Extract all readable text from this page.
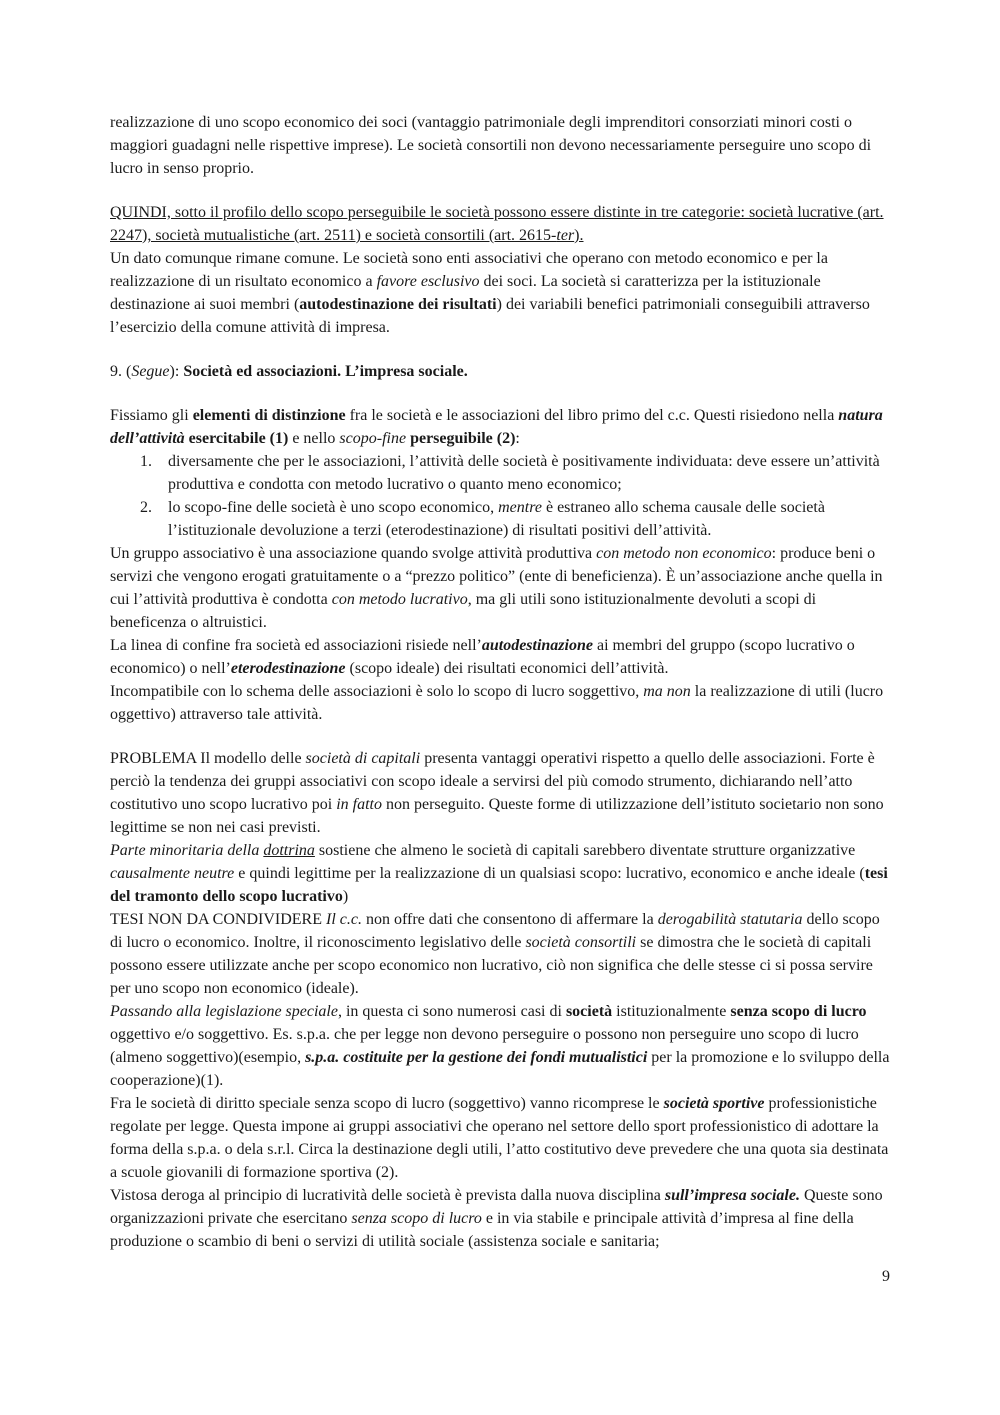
realizzazione di uno scopo economico dei soci (vantaggio patrimoniale degli imprenditori consorziati minori costi o maggiori guadagni nelle rispettive imprese). Le società consortili non devono necessariamente perseguire uno scopo di lucro in senso proprio.

QUINDI, sotto il profilo dello scopo perseguibile le società possono essere distinte in tre categorie: società lucrative (art. 2247), società mutualistiche (art. 2511) e società consortili (art. 2615-ter).

Un dato comunque rimane comune. Le società sono enti associativi che operano con metodo economico e per la realizzazione di un risultato economico a favore esclusivo dei soci. La società si caratterizza per la istituzionale destinazione ai suoi membri (autodestinazione dei risultati) dei variabili benefici patrimoniali conseguibili attraverso l’esercizio della comune attività di impresa.

9. (Segue): Società ed associazioni. L’impresa sociale.

Fissiamo gli elementi di distinzione fra le società e le associazioni del libro primo del c.c. Questi risiedono nella natura dell’attività esercitabile (1) e nello scopo-fine perseguibile (2):

1. diversamente che per le associazioni, l’attività delle società è positivamente individuata: deve essere un’attività produttiva e condotta con metodo lucrativo o quanto meno economico;
2. lo scopo-fine delle società è uno scopo economico, mentre è estraneo allo schema causale delle società l’istituzionale devoluzione a terzi (eterodestinazione) di risultati positivi dell’attività.

Un gruppo associativo è una associazione quando svolge attività produttiva con metodo non economico: produce beni o servizi che vengono erogati gratuitamente o a “prezzo politico” (ente di beneficienza). È un’associazione anche quella in cui l’attività produttiva è condotta con metodo lucrativo, ma gli utili sono istituzionalmente devoluti a scopi di beneficenza o altruistici.

La linea di confine fra società ed associazioni risiede nell’autodestinazione ai membri del gruppo (scopo lucrativo o economico) o nell’eterodestinazione (scopo ideale) dei risultati economici dell’attività.

Incompatibile con lo schema delle associazioni è solo lo scopo di lucro soggettivo, ma non la realizzazione di utili (lucro oggettivo) attraverso tale attività.

PROBLEMA Il modello delle società di capitali presenta vantaggi operativi rispetto a quello delle associazioni. Forte è perciò la tendenza dei gruppi associativi con scopo ideale a servirsi del più comodo strumento, dichiarando nell’atto costitutivo uno scopo lucrativo poi in fatto non perseguito. Queste forme di utilizzazione dell’istituto societario non sono legittime se non nei casi previsti.

Parte minoritaria della dottrina sostiene che almeno le società di capitali sarebbero diventate strutture organizzative causalmente neutre e quindi legittime per la realizzazione di un qualsiasi scopo: lucrativo, economico e anche ideale (tesi del tramonto dello scopo lucrativo)

TESI NON DA CONDIVIDERE Il c.c. non offre dati che consentono di affermare la derogabilità statutaria dello scopo di lucro o economico. Inoltre, il riconoscimento legislativo delle società consortili se dimostra che le società di capitali possono essere utilizzate anche per scopo economico non lucrativo, ciò non significa che delle stesse ci si possa servire per uno scopo non economico (ideale).

Passando alla legislazione speciale, in questa ci sono numerosi casi di società istituzionalmente senza scopo di lucro oggettivo e/o soggettivo. Es. s.p.a. che per legge non devono perseguire o possono non perseguire uno scopo di lucro (almeno soggettivo)(esempio, s.p.a. costituite per la gestione dei fondi mutualistici per la promozione e lo sviluppo della cooperazione)(1).

Fra le società di diritto speciale senza scopo di lucro (soggettivo) vanno ricomprese le società sportive professionistiche regolate per legge. Questa impone ai gruppi associativi che operano nel settore dello sport professionistico di adottare la forma della s.p.a. o dela s.r.l. Circa la destinazione degli utili, l’atto costitutivo deve prevedere che una quota sia destinata a scuole giovanili di formazione sportiva (2).

Vistosa deroga al principio di lucratività delle società è prevista dalla nuova disciplina sull’impresa sociale. Queste sono organizzazioni private che esercitano senza scopo di lucro e in via stabile e principale attività d’impresa al fine della produzione o scambio di beni o servizi di utilità sociale (assistenza sociale e sanitaria;

9
